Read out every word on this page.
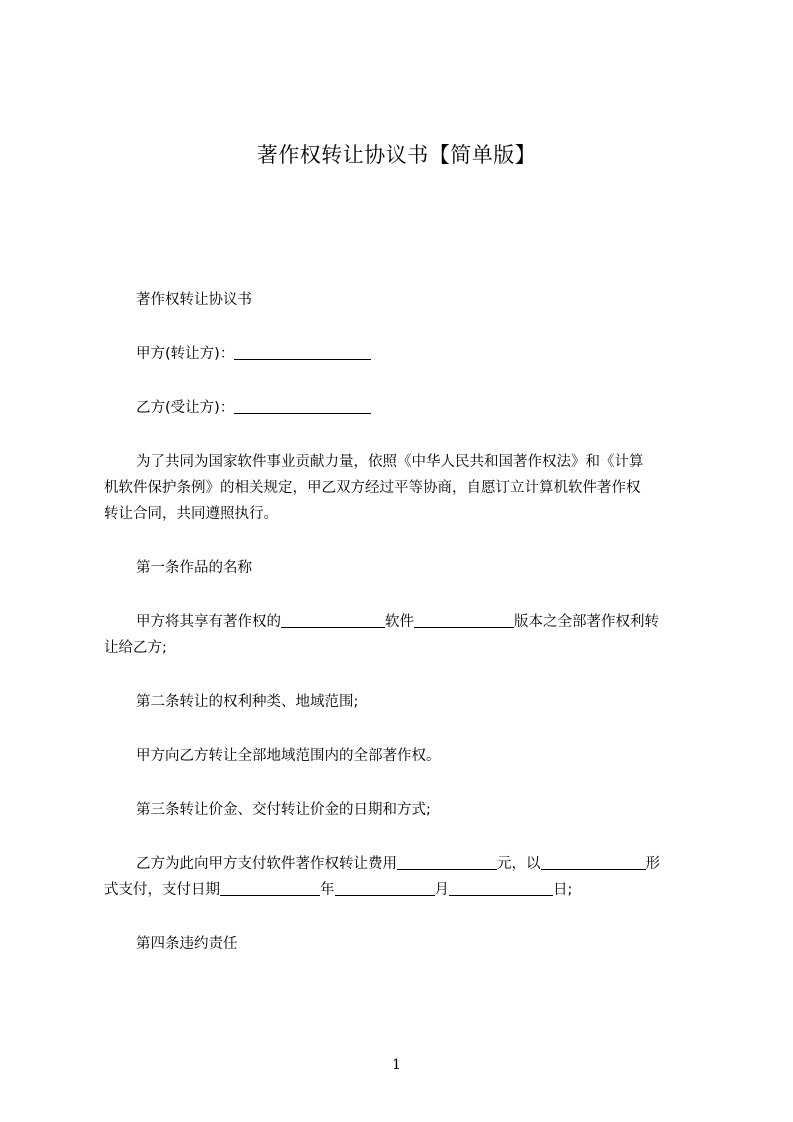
著作权转让协议书【简单版】

著作权转让协议书

甲方(转让方)：

乙方(受让方)：

为了共同为国家软件事业贡献力量，依照《中华人民共和国著作权法》和《计算

机软件保护条例》的相关规定，甲乙双方经过平等协商，自愿订立计算机软件著作权

转让合同，共同遵照执行。

第一条作品的名称

甲方将其享有著作权的	软件	版本之全部著作权利转

让给乙方;

第二条转让的权利种类、地域范围;

甲方向乙方转让全部地域范围内的全部著作权。

第三条转让价金、交付转让价金的日期和方式;

乙方为此向甲方支付软件著作权转让费用	元，以	形

式支付，支付日期	年	月	日;

第四条违约责任

1
